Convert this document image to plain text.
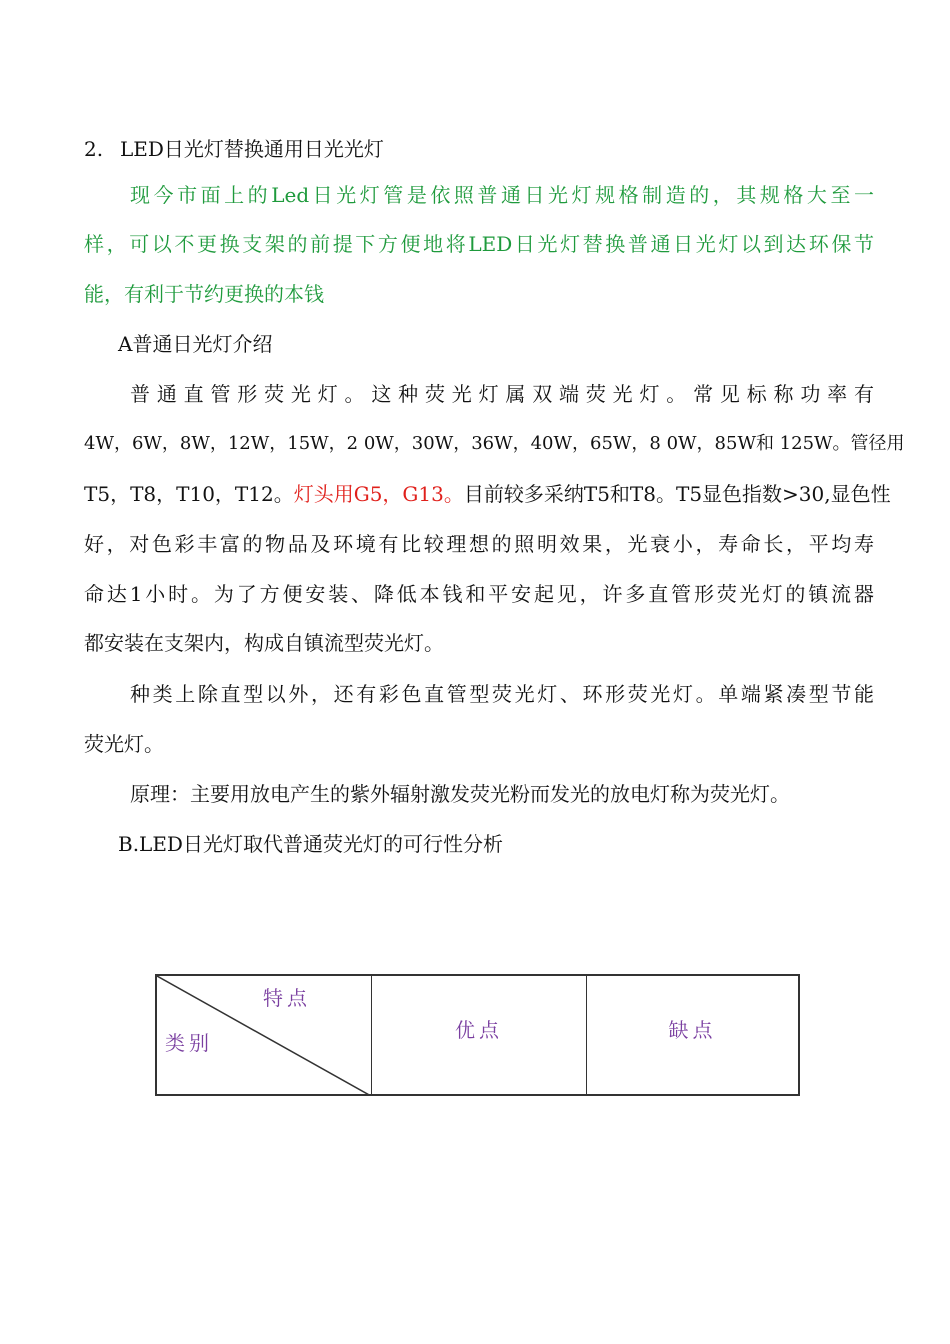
2. LED日光灯替换通用日光光灯
现今市面上的Led日光灯管是依照普通日光灯规格制造的，其规格大至一
样，可以不更换支架的前提下方便地将LED日光灯替换普通日光灯以到达环保节
能，有利于节约更换的本钱
A普通日光灯介绍
普通直管形荧光灯。这种荧光灯属双端荧光灯。常见标称功率有
4W，6W，8W，12W，15W，2 0W，30W，36W，40W，65W，8 0W，85W和 125W。管径用
T5，T8，T10，T12。灯头用G5，G13。目前较多采纳T5和T8。T5显色指数>30,显色性
好，对色彩丰富的物品及环境有比较理想的照明效果，光衰小，寿命长，平均寿
命达1小时。为了方便安装、降低本钱和平安起见，许多直管形荧光灯的镇流器
都安装在支架内，构成自镇流型荧光灯。
种类上除直型以外，还有彩色直管型荧光灯、环形荧光灯。单端紧凑型节能
荧光灯。
原理：主要用放电产生的紫外辐射激发荧光粉而发光的放电灯称为荧光灯。
B.LED日光灯取代普通荧光灯的可行性分析
特点
类别
	优点	缺点
